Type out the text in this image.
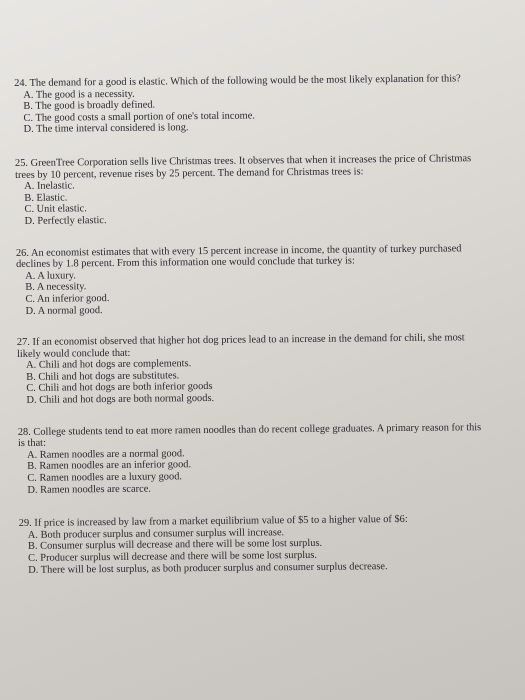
24. The demand for a good is elastic. Which of the following would be the most likely explanation for this?

A. The good is a necessity.
B. The good is broadly defined.
C. The good costs a small portion of one's total income.
D. The time interval considered is long.

25. GreenTree Corporation sells live Christmas trees. It observes that when it increases the price of Christmas trees by 10 percent, revenue rises by 25 percent. The demand for Christmas trees is:

A. Inelastic.
B. Elastic.
C. Unit elastic.
D. Perfectly elastic.

26. An economist estimates that with every 15 percent increase in income, the quantity of turkey purchased declines by 1.8 percent. From this information one would conclude that turkey is:

A. A luxury.
B. A necessity.
C. An inferior good.
D. A normal good.

27. If an economist observed that higher hot dog prices lead to an increase in the demand for chili, she most likely would conclude that:

A. Chili and hot dogs are complements.
B. Chili and hot dogs are substitutes.
C. Chili and hot dogs are both inferior goods
D. Chili and hot dogs are both normal goods.

28. College students tend to eat more ramen noodles than do recent college graduates. A primary reason for this is that:

A. Ramen noodles are a normal good.
B. Ramen noodles are an inferior good.
C. Ramen noodles are a luxury good.
D. Ramen noodles are scarce.

29. If price is increased by law from a market equilibrium value of $5 to a higher value of $6:

A. Both producer surplus and consumer surplus will increase.
B. Consumer surplus will decrease and there will be some lost surplus.
C. Producer surplus will decrease and there will be some lost surplus.
D. There will be lost surplus, as both producer surplus and consumer surplus decrease.
